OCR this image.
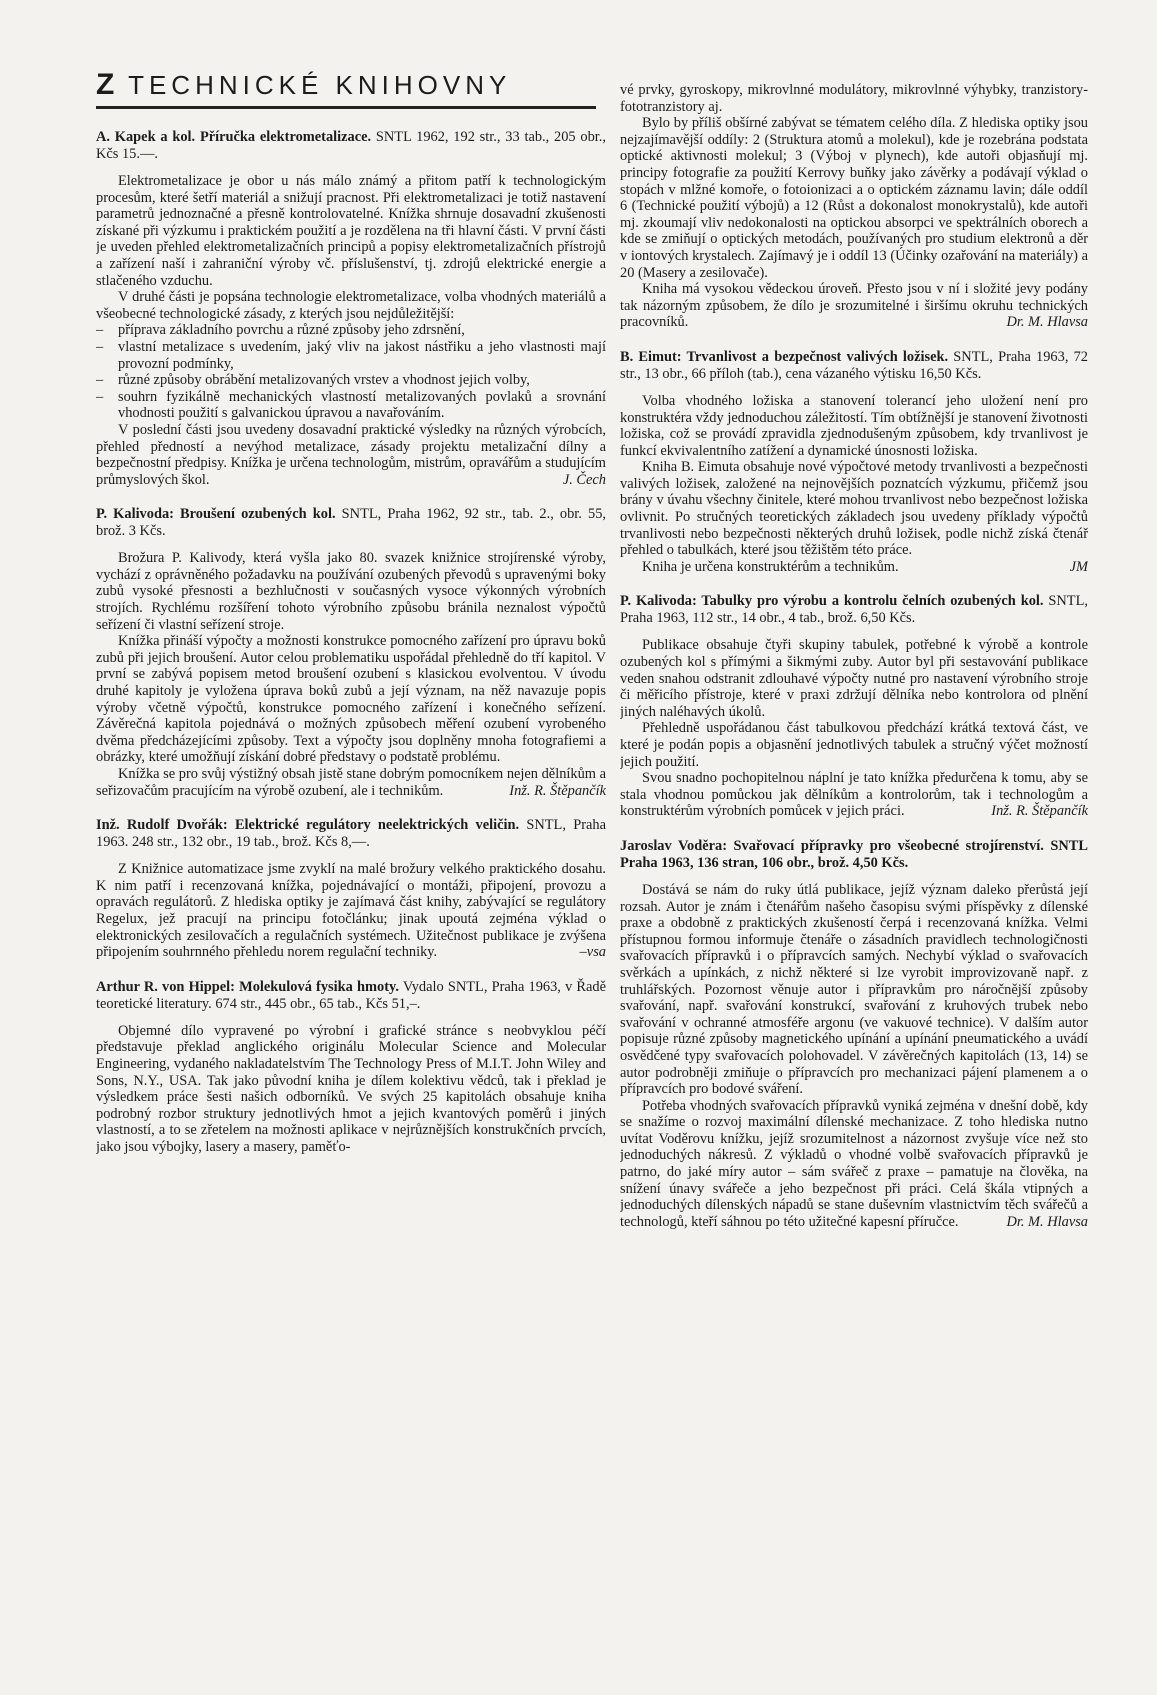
Z TECHNICKÉ KNIHOVNY
A. Kapek a kol. Příručka elektrometalizace. SNTL 1962, 192 str., 33 tab., 205 obr., Kčs 15.—.

Elektrometalizace je obor u nás málo známý a přitom patří k technologickým procesům, které šetří materiál a snižují pracnost. Při elektrometalizaci je totiž nastavení parametrů jednoznačné a přesně kontrolovatelné. Knížka shrnuje dosavadní zkušenosti získané při výzkumu i praktickém použití a je rozdělena na tři hlavní části. V první části je uveden přehled elektrometalizačních principů a popisy elektrometalizačních přístrojů a zařízení naší i zahraniční výroby vč. příslušenství, tj. zdrojů elektrické energie a stlačeného vzduchu.

V druhé části je popsána technologie elektrometalizace, volba vhodných materiálů a všeobecné technologické zásady, z kterých jsou nejdůležitější:

– příprava základního povrchu a různé způsoby jeho zdrsnění,
– vlastní metalizace s uvedením, jaký vliv na jakost nástřiku a jeho vlastnosti mají provozní podmínky,
– různé způsoby obrábění metalizovaných vrstev a vhodnost jejich volby,
– souhrn fyzikálně mechanických vlastností metalizovaných povlaků a srovnání vhodnosti použití s galvanickou úpravou a navařováním.

V poslední části jsou uvedeny dosavadní praktické výsledky na různých výrobcích, přehled předností a nevýhod metalizace, zásady projektu metalizační dílny a bezpečnostní předpisy. Knížka je určena technologům, mistrům, opravářům a studujícím průmyslových škol.	J. Čech

P. Kalivoda: Broušení ozubených kol. SNTL, Praha 1962, 92 str., tab. 2., obr. 55, brož. 3 Kčs.

Brožura P. Kalivody, která vyšla jako 80. svazek knižnice strojírenské výroby, vychází z oprávněného požadavku na používání ozubených převodů s upravenými boky zubů vysoké přesnosti a bezhlučnosti v současných vysoce výkonných výrobních strojích. Rychlému rozšíření tohoto výrobního způsobu bránila neznalost výpočtů seřízení či vlastní seřízení stroje.

Knížka přináší výpočty a možnosti konstrukce pomocného zařízení pro úpravu boků zubů při jejich broušení. Autor celou problematiku uspořádal přehledně do tří kapitol. V první se zabývá popisem metod broušení ozubení s klasickou evolventou. V úvodu druhé kapitoly je vyložena úprava boků zubů a její význam, na něž navazuje popis výroby včetně výpočtů, konstrukce pomocného zařízení i konečného seřízení. Závěrečná kapitola pojednává o možných způsobech měření ozubení vyrobeného dvěma předcházejícími způsoby. Text a výpočty jsou doplněny mnoha fotografiemi a obrázky, které umožňují získání dobré představy o podstatě problému.

Knížka se pro svůj výstižný obsah jistě stane dobrým pomocníkem nejen dělníkům a seřizovačům pracujícím na výrobě ozubení, ale i technikům.	Inž. R. Štěpančík

Inž. Rudolf Dvořák: Elektrické regulátory neelektrických veličin. SNTL, Praha 1963. 248 str., 132 obr., 19 tab., brož. Kčs 8,—.

Z Knižnice automatizace jsme zvyklí na malé brožury velkého praktického dosahu. K nim patří i recenzovaná knížka, pojednávající o montáži, připojení, provozu a opravách regulátorů. Z hlediska optiky je zajímavá část knihy, zabývající se regulátory Regelux, jež pracují na principu fotočlánku; jinak upoutá zejména výklad o elektronických zesilovačích a regulačních systémech. Užitečnost publikace je zvýšena připojením souhrnného přehledu norem regulační techniky.	–vsa

Arthur R. von Hippel: Molekulová fysika hmoty. Vydalo SNTL, Praha 1963, v Řadě teoretické literatury. 674 str., 445 obr., 65 tab., Kčs 51,–.

Objemné dílo vypravené po výrobní i grafické stránce s neobvyklou péčí představuje překlad anglického originálu Molecular Science and Molecular Engineering, vydaného nakladatelstvím The Technology Press of M.I.T. John Wiley and Sons, N.Y., USA. Tak jako původní kniha je dílem kolektivu vědců, tak i překlad je výsledkem práce šesti našich odborníků. Ve svých 25 kapitolách obsahuje kniha podrobný rozbor struktury jednotlivých hmot a jejich kvantových poměrů i jiných vlastností, a to se zřetelem na možnosti aplikace v nejrůznějších konstrukčních prvcích, jako jsou výbojky, lasery a masery, paměťo-

vé prvky, gyroskopy, mikrovlnné modulátory, mikrovlnné výhybky, tranzistory-fototranzistory aj.

Bylo by příliš obšírné zabývat se tématem celého díla. Z hlediska optiky jsou nejzajímavější oddíly: 2 (Struktura atomů a molekul), kde je rozebrána podstata optické aktivnosti molekul; 3 (Výboj v plynech), kde autoři objasňují mj. principy fotografie za použití Kerrovy buňky jako závěrky a podávají výklad o stopách v mlžné komoře, o fotoionizaci a o optickém záznamu lavin; dále oddíl 6 (Technické použití výbojů) a 12 (Růst a dokonalost monokrystalů), kde autoři mj. zkoumají vliv nedokonalosti na optickou absorpci ve spektrálních oborech a kde se zmiňují o optických metodách, používaných pro studium elektronů a děr v iontových krystalech. Zajímavý je i oddíl 13 (Účinky ozařování na materiály) a 20 (Masery a zesilovače).

Kniha má vysokou vědeckou úroveň. Přesto jsou v ní i složité jevy podány tak názorným způsobem, že dílo je srozumitelné i širšímu okruhu technických pracovníků.	Dr. M. Hlavsa

B. Eimut: Trvanlivost a bezpečnost valivých ložisek. SNTL, Praha 1963, 72 str., 13 obr., 66 příloh (tab.), cena vázaného výtisku 16,50 Kčs.

Volba vhodného ložiska a stanovení tolerancí jeho uložení není pro konstruktéra vždy jednoduchou záležitostí. Tím obtížnější je stanovení životnosti ložiska, což se provádí zpravidla zjednodušeným způsobem, kdy trvanlivost je funkcí ekvivalentního zatížení a dynamické únosnosti ložiska.

Kniha B. Eimuta obsahuje nové výpočtové metody trvanlivosti a bezpečnosti valivých ložisek, založené na nejnovějších poznatcích výzkumu, přičemž jsou brány v úvahu všechny činitele, které mohou trvanlivost nebo bezpečnost ložiska ovlivnit. Po stručných teoretických základech jsou uvedeny příklady výpočtů trvanlivosti nebo bezpečnosti některých druhů ložisek, podle nichž získá čtenář přehled o tabulkách, které jsou těžištěm této práce.

Kniha je určena konstruktérům a technikům.	JM

P. Kalivoda: Tabulky pro výrobu a kontrolu čelních ozubených kol. SNTL, Praha 1963, 112 str., 14 obr., 4 tab., brož. 6,50 Kčs.

Publikace obsahuje čtyři skupiny tabulek, potřebné k výrobě a kontrole ozubených kol s přímými a šikmými zuby. Autor byl při sestavování publikace veden snahou odstranit zdlouhavé výpočty nutné pro nastavení výrobního stroje či měřicího přístroje, které v praxi zdržují dělníka nebo kontrolora od plnění jiných naléhavých úkolů.

Přehledně uspořádanou část tabulkovou předchází krátká textová část, ve které je podán popis a objasnění jednotlivých tabulek a stručný výčet možností jejich použití.

Svou snadno pochopitelnou náplní je tato knížka předurčena k tomu, aby se stala vhodnou pomůckou jak dělníkům a kontrolorům, tak i technologům a konstruktérům výrobních pomůcek v jejich práci.	Inž. R. Štěpančík

Jaroslav Voděra: Svařovací přípravky pro všeobecné strojírenství. SNTL Praha 1963, 136 stran, 106 obr., brož. 4,50 Kčs.

Dostává se nám do ruky útlá publikace, jejíž význam daleko přerůstá její rozsah. Autor je znám i čtenářům našeho časopisu svými příspěvky z dílenské praxe a obdobně z praktických zkušeností čerpá i recenzovaná knížka. Velmi přístupnou formou informuje čtenáře o zásadních pravidlech technologičnosti svařovacích přípravků i o přípravcích samých. Nechybí výklad o svařovacích svěrkách a upínkách, z nichž některé si lze vyrobit improvizovaně např. z truhlářských. Pozornost věnuje autor i přípravkům pro náročnější způsoby svařování, např. svařování konstrukcí, svařování z kruhových trubek nebo svařování v ochranné atmosféře argonu (ve vakuové technice). V dalším autor popisuje různé způsoby magnetického upínání a upínání pneumatického a uvádí osvědčené typy svařovacích polohovadel. V závěrečných kapitolách (13, 14) se autor podrobněji zmiňuje o přípravcích pro mechanizaci pájení plamenem a o přípravcích pro bodové sváření.

Potřeba vhodných svařovacích přípravků vyniká zejména v dnešní době, kdy se snažíme o rozvoj maximální dílenské mechanizace. Z toho hlediska nutno uvítat Voděrovu knížku, jejíž srozumitelnost a názornost zvyšuje více než sto jednoduchých nákresů. Z výkladů o vhodné volbě svařovacích přípravků je patrno, do jaké míry autor – sám svářeč z praxe – pamatuje na člověka, na snížení únavy svářeče a jeho bezpečnost při práci. Celá škála vtipných a jednoduchých dílenských nápadů se stane duševním vlastnictvím těch svářečů a technologů, kteří sáhnou po této užitečné kapesní příručce.	Dr. M. Hlavsa
